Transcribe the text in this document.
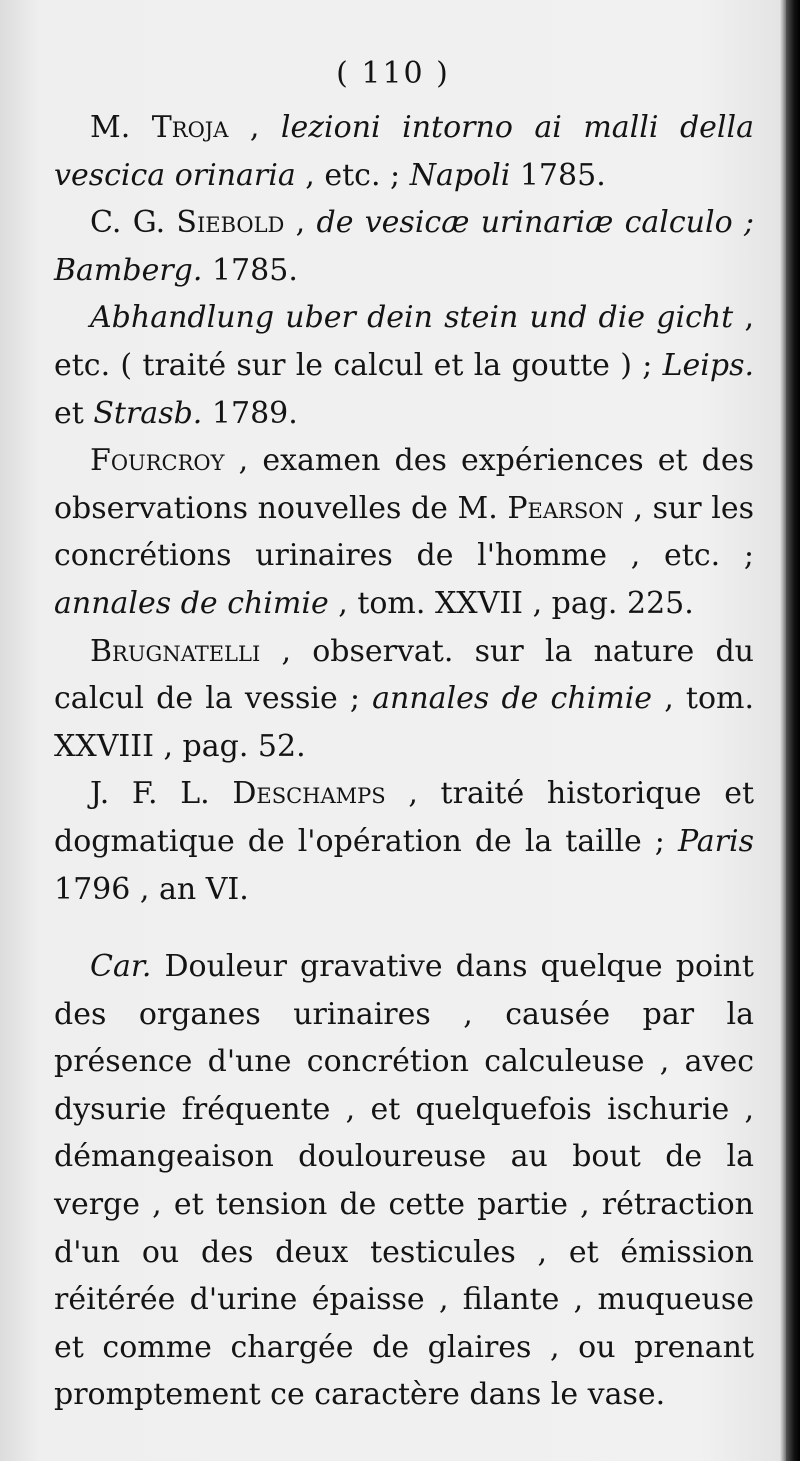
( 110 )

M. Troja , lezioni intorno ai malli della vescica orinaria , etc. ; Napoli 1785.

C. G. Siebold , de vesicæ urinariæ calculo ; Bamberg. 1785.

Abhandlung uber dein stein und die gicht , etc. ( traité sur le calcul et la goutte ) ; Leips. et Strasb. 1789.

Fourcroy , examen des expériences et des observations nouvelles de M. Pearson , sur les concrétions urinaires de l'homme , etc. ; annales de chimie , tom. XXVII , pag. 225.

Brugnatelli , observat. sur la nature du calcul de la vessie ; annales de chimie , tom. XXVIII , pag. 52.

J. F. L. Deschamps , traité historique et dogmatique de l'opération de la taille ; Paris 1796 , an VI.

Car. Douleur gravative dans quelque point des organes urinaires , causée par la présence d'une concrétion calculeuse , avec dysurie fréquente , et quelquefois ischurie , démangeaison douloureuse au bout de la verge , et tension de cette partie , rétraction d'un ou des deux testicules , et émission réitérée d'urine épaisse , filante , muqueuse et comme chargée de glaires , ou prenant promptement ce caractère dans le vase.
